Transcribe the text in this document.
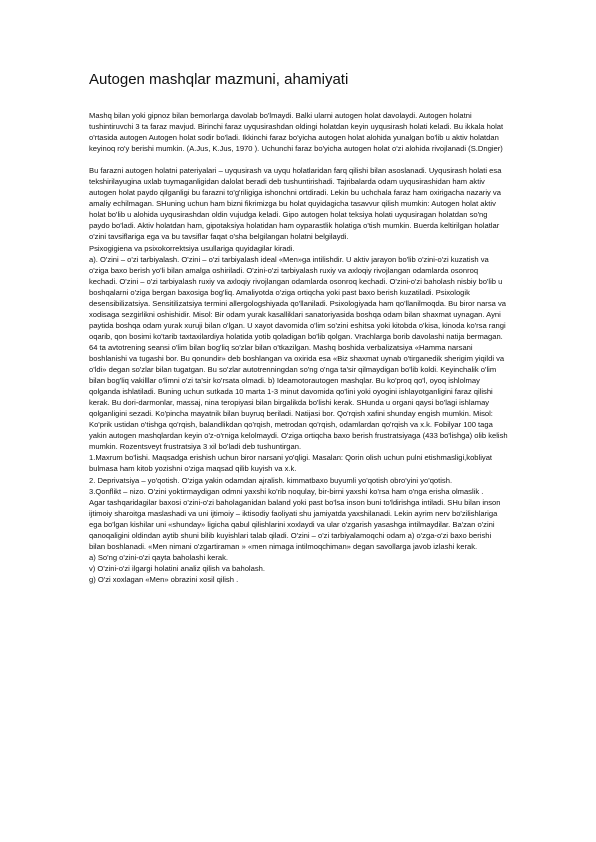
Autogen mashqlar mazmuni, ahamiyati

Mashq bilan yoki gipnoz bilan bemorlarga davolab bo'lmaydi. Balki ularni autogen holat davolaydi. Autogen holatni tushintiruvchi 3 ta faraz mavjud. Birinchi faraz uyqusirashdan oldingi holatdan keyin uyqusirash holati keladi. Bu ikkala holat o'rtasida autogen Autogen holat sodir bo'ladi. Ikkinchi faraz bo'yicha autogen holat alohida yunalgan bo'lib u aktiv holatdan keyinoq ro'y berishi mumkin. (A.Jus, K.Jus, 1970 ). Uchunchi faraz bo'yicha autogen holat o'zi alohida rivojlanadi (S.Dngier)

Bu farazni autogen holatni pateriyalari – uyqusirash va uyqu holatlaridan farq qilishi bilan asoslanadi. Uyqusirash holati esa tekshirilayugina uxlab tuymaganligidan dalolat beradi deb tushuntirishadi. Tajribalarda odam uyqusirashidan ham aktiv autogen holat paydo qilganligi bu farazni to'g'riligiga ishonchni ortdiradi. Lekin bu uchchala faraz ham oxirigacha nazariy va amaliy echilmagan. SHuning uchun ham bizni fikrimizga bu holat quyidagicha tasavvur qilish mumkin: Autogen holat aktiv holat bo'lib u alohida uyqusirashdan oldin vujudga keladi. Gipo autogen holat teksiya holati uyqusiragan holatdan so'ng paydo bo'ladi. Aktiv holatdan ham, gipotaksiya holatidan ham oyparastlik holatiga o'tish mumkin. Buerda keltirilgan holatlar o'zini tavsiflariga ega va bu tavsiflar faqat o'sha belgilangan holatni belgilaydi.

Psixogigiena va psixokorrektsiya usullariga quyidagilar kiradi.

a). O'zini – o'zi tarbiyalash. O'zini – o'zi tarbiyalash ideal «Men»ga intilishdir. U aktiv jarayon bo'lib o'zini-o'zi kuzatish va o'ziga baxo berish yo'li bilan amalga oshiriladi. O'zini-o'zi tarbiyalash ruxiy va axloqiy rivojlangan odamlarda osonroq kechadi. O'zini – o'zi tarbiyalash ruxiy va axloqiy rivojlangan odamlarda osonroq kechadi. O'zini-o'zi baholash nisbiy bo'lib u boshqalarni o'ziga bergan baxosiga bog'liq. Amaliyotda o'ziga ortiqcha yoki past baxo berish kuzatiladi. Psixologik desensibilizatsiya. Sensitilizatsiya termini allergologshiyada qo'llaniladi. Psixologiyada ham qo'llanilmoqda. Bu biror narsa va xodisaga sezgirlikni oshishidir. Misol: Bir odam yurak kasalliklari sanatoriyasida boshqa odam bilan shaxmat uynagan. Ayni paytida boshqa odam yurak xuruji bilan o'lgan. U xayot davomida o'lim so'zini eshitsa yoki kitobda o'kisa, kinoda ko'rsa rangi oqarib, qon bosimi ko'tarib taxtaxilardiya holatida yotib qoladigan bo'lib qolgan. Vrachlarga borib davolashi natija bermagan. 64 ta avtotrening seansi o'lim bilan bog'liq so'zlar bilan o'tkazilgan. Mashq boshida verbalizatsiya «Hamma narsani boshlanishi va tugashi bor. Bu qonundir» deb boshlangan va oxirida esa «Biz shaxmat uynab o'tirganedik sherigim yiqildi va o'ldi» degan so'zlar bilan tugatgan. Bu so'zlar autotrenningdan so'ng o'nga ta'sir qilmaydigan bo'lib koldi. Keyinchalik o'lim bilan bog'liq vakilllar o'limni o'zi ta'sir ko'rsata olmadi. b) Ideamotorautogen mashqlar. Bu ko'proq qo'l, oyoq ishlolmay qolganda ishlatiladi. Buning uchun sutkada 10 marta 1-3 minut davomida qo'lini yoki oyogini ishlayotganligini faraz qilishi kerak. Bu dori-darmonlar, massaj, nina teropiyasi bilan birgalikda bo'lishi kerak. SHunda u organi qaysi bo'lagi ishlamay qolganligini sezadi. Ko'pincha mayatnik bilan buyruq beriladi. Natijasi bor. Qo'rqish xafini shunday engish mumkin. Misol: Ko'prik ustidan o'tishga qo'rqish, balandlikdan qo'rqish, metrodan qo'rqish, odamlardan qo'rqish va x.k. Fobilyar 100 taga yakin autogen mashqlardan keyin o'z-o'rniga kelolmaydi. O'ziga ortiqcha baxo berish frustratsiyaga (433 bo'lishga) olib kelish mumkin. Rozentsveyt frustratsiya 3 xil bo'ladi deb tushuntirgan.

1.Maxrum bo'lishi. Maqsadga erishish uchun biror narsani yo'qligi. Masalan: Qorin olish uchun pulni etishmasligi,kobliyat bulmasa ham kitob yozishni o'ziga maqsad qilib kuyish va x.k.

2. Deprivatsiya – yo'qotish. O'ziga yakin odamdan ajralish. kimmatbaxo buyumli yo'qotish obro'yini yo'qotish.

3.Qonflikt – nizo. O'zini yoktirmaydigan odmni yaxshi ko'rib noqulay, bir-birni yaxshi ko'rsa ham o'nga erisha olmaslik .

Agar tashqaridagilar baxosi o'zini-o'zi baholaganidan baland yoki past bo'lsa inson buni to'ldirishga intiladi. SHu bilan inson ijtimoiy sharoitga maslashadi va uni ijtimoiy – iktisodiy faoliyati shu jamiyatda yaxshilanadi. Lekin ayrim nerv bo'zilishlariga ega bo'lgan kishilar uni «shunday» ligicha qabul qilishlarini xoxlaydi va ular o'zgarish yasashga intilmaydilar. Ba'zan o'zini qanoqaligini oldindan aytib shuni bilib kuyishlari talab qiladi. O'zini – o'zi tarbiyalamoqchi odam a) o'zga-o'zi baxo berishi bilan boshlanadi. «Men nimani o'zgartiraman » «men nimaga intilmoqchiman» degan savollarga javob izlashi kerak.

a) So'ng o'zini-o'zi qayta baholashi kerak.

v) O'zini-o'zi ilgargi holatini analiz qilish va baholash.

g) O'zi xoxlagan «Men» obrazini xosil qilish .
